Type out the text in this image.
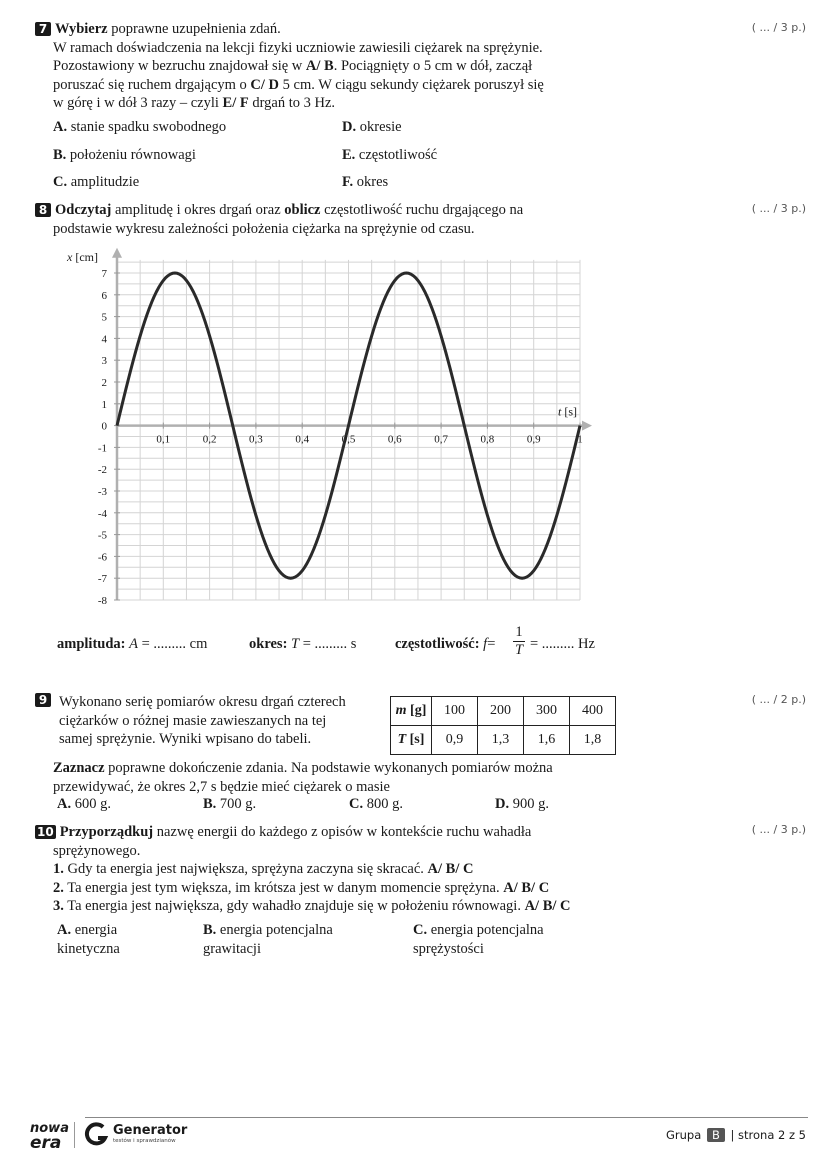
7 Wybierz poprawne uzupełnienia zdań.
W ramach doświadczenia na lekcji fizyki uczniowie zawiesili ciężarek na sprężynie.
Pozostawiony w bezruchu znajdował się w A/ B. Pociągnięty o 5 cm w dół, zaczął
poruszać się ruchem drgającym o C/ D 5 cm. W ciągu sekundy ciężarek poruszył się
w górę i w dół 3 razy – czyli E/ F drgań to 3 Hz.
( ... / 3 p.)
A. stanie spadku swobodnego	D. okresie
B. położeniu równowagi	E. częstotliwość
C. amplitudzie	F. okres
8 Odczytaj amplitudę i okres drgań oraz oblicz częstotliwość ruchu drgającego na
podstawie wykresu zależności położenia ciężarka na sprężynie od czasu.
( ... / 3 p.)
7
6
5
4
3
2
1
0
-1
-2
-3
-4
-5
-6
-7
-8
0,1	0,2	0,3	0,4	0,5	0,6	0,7	0,8	0,9	1
x [cm]
t [s]
amplituda: A = ......... cm	okres: T = ......... s	częstotliwość: $f= \frac{1}{T}$ = ......... Hz
9 Wykonano serię pomiarów okresu drgań czterech
ciężarków o różnej masie zawieszanych na tej
samej sprężynie. Wyniki wpisano do tabeli.
( ... / 2 p.)
m [g]	100	200	300	400
T [s]	0,9	1,3	1,6	1,8
Zaznacz poprawne dokończenie zdania. Na podstawie wykonanych pomiarów można
przewidywać, że okres 2,7 s będzie mieć ciężarek o masie
A. 600 g.	B. 700 g.	C. 800 g.	D. 900 g.
10 Przyporządkuj nazwę energii do każdego z opisów w kontekście ruchu wahadła
sprężynowego.
1. Gdy ta energia jest największa, sprężyna zaczyna się skracać. A/ B/ C
2. Ta energia jest tym większa, im krótsza jest w danym momencie sprężyna. A/ B/ C
3. Ta energia jest największa, gdy wahadło znajduje się w położeniu równowagi. A/ B/ C
( ... / 3 p.)
A. energia
kinetyczna
B. energia potencjalna
grawitacji
C. energia potencjalna
sprężystości
nowa
era
Generator
testów i sprawdzianów	Grupa B | strona 2 z 5
